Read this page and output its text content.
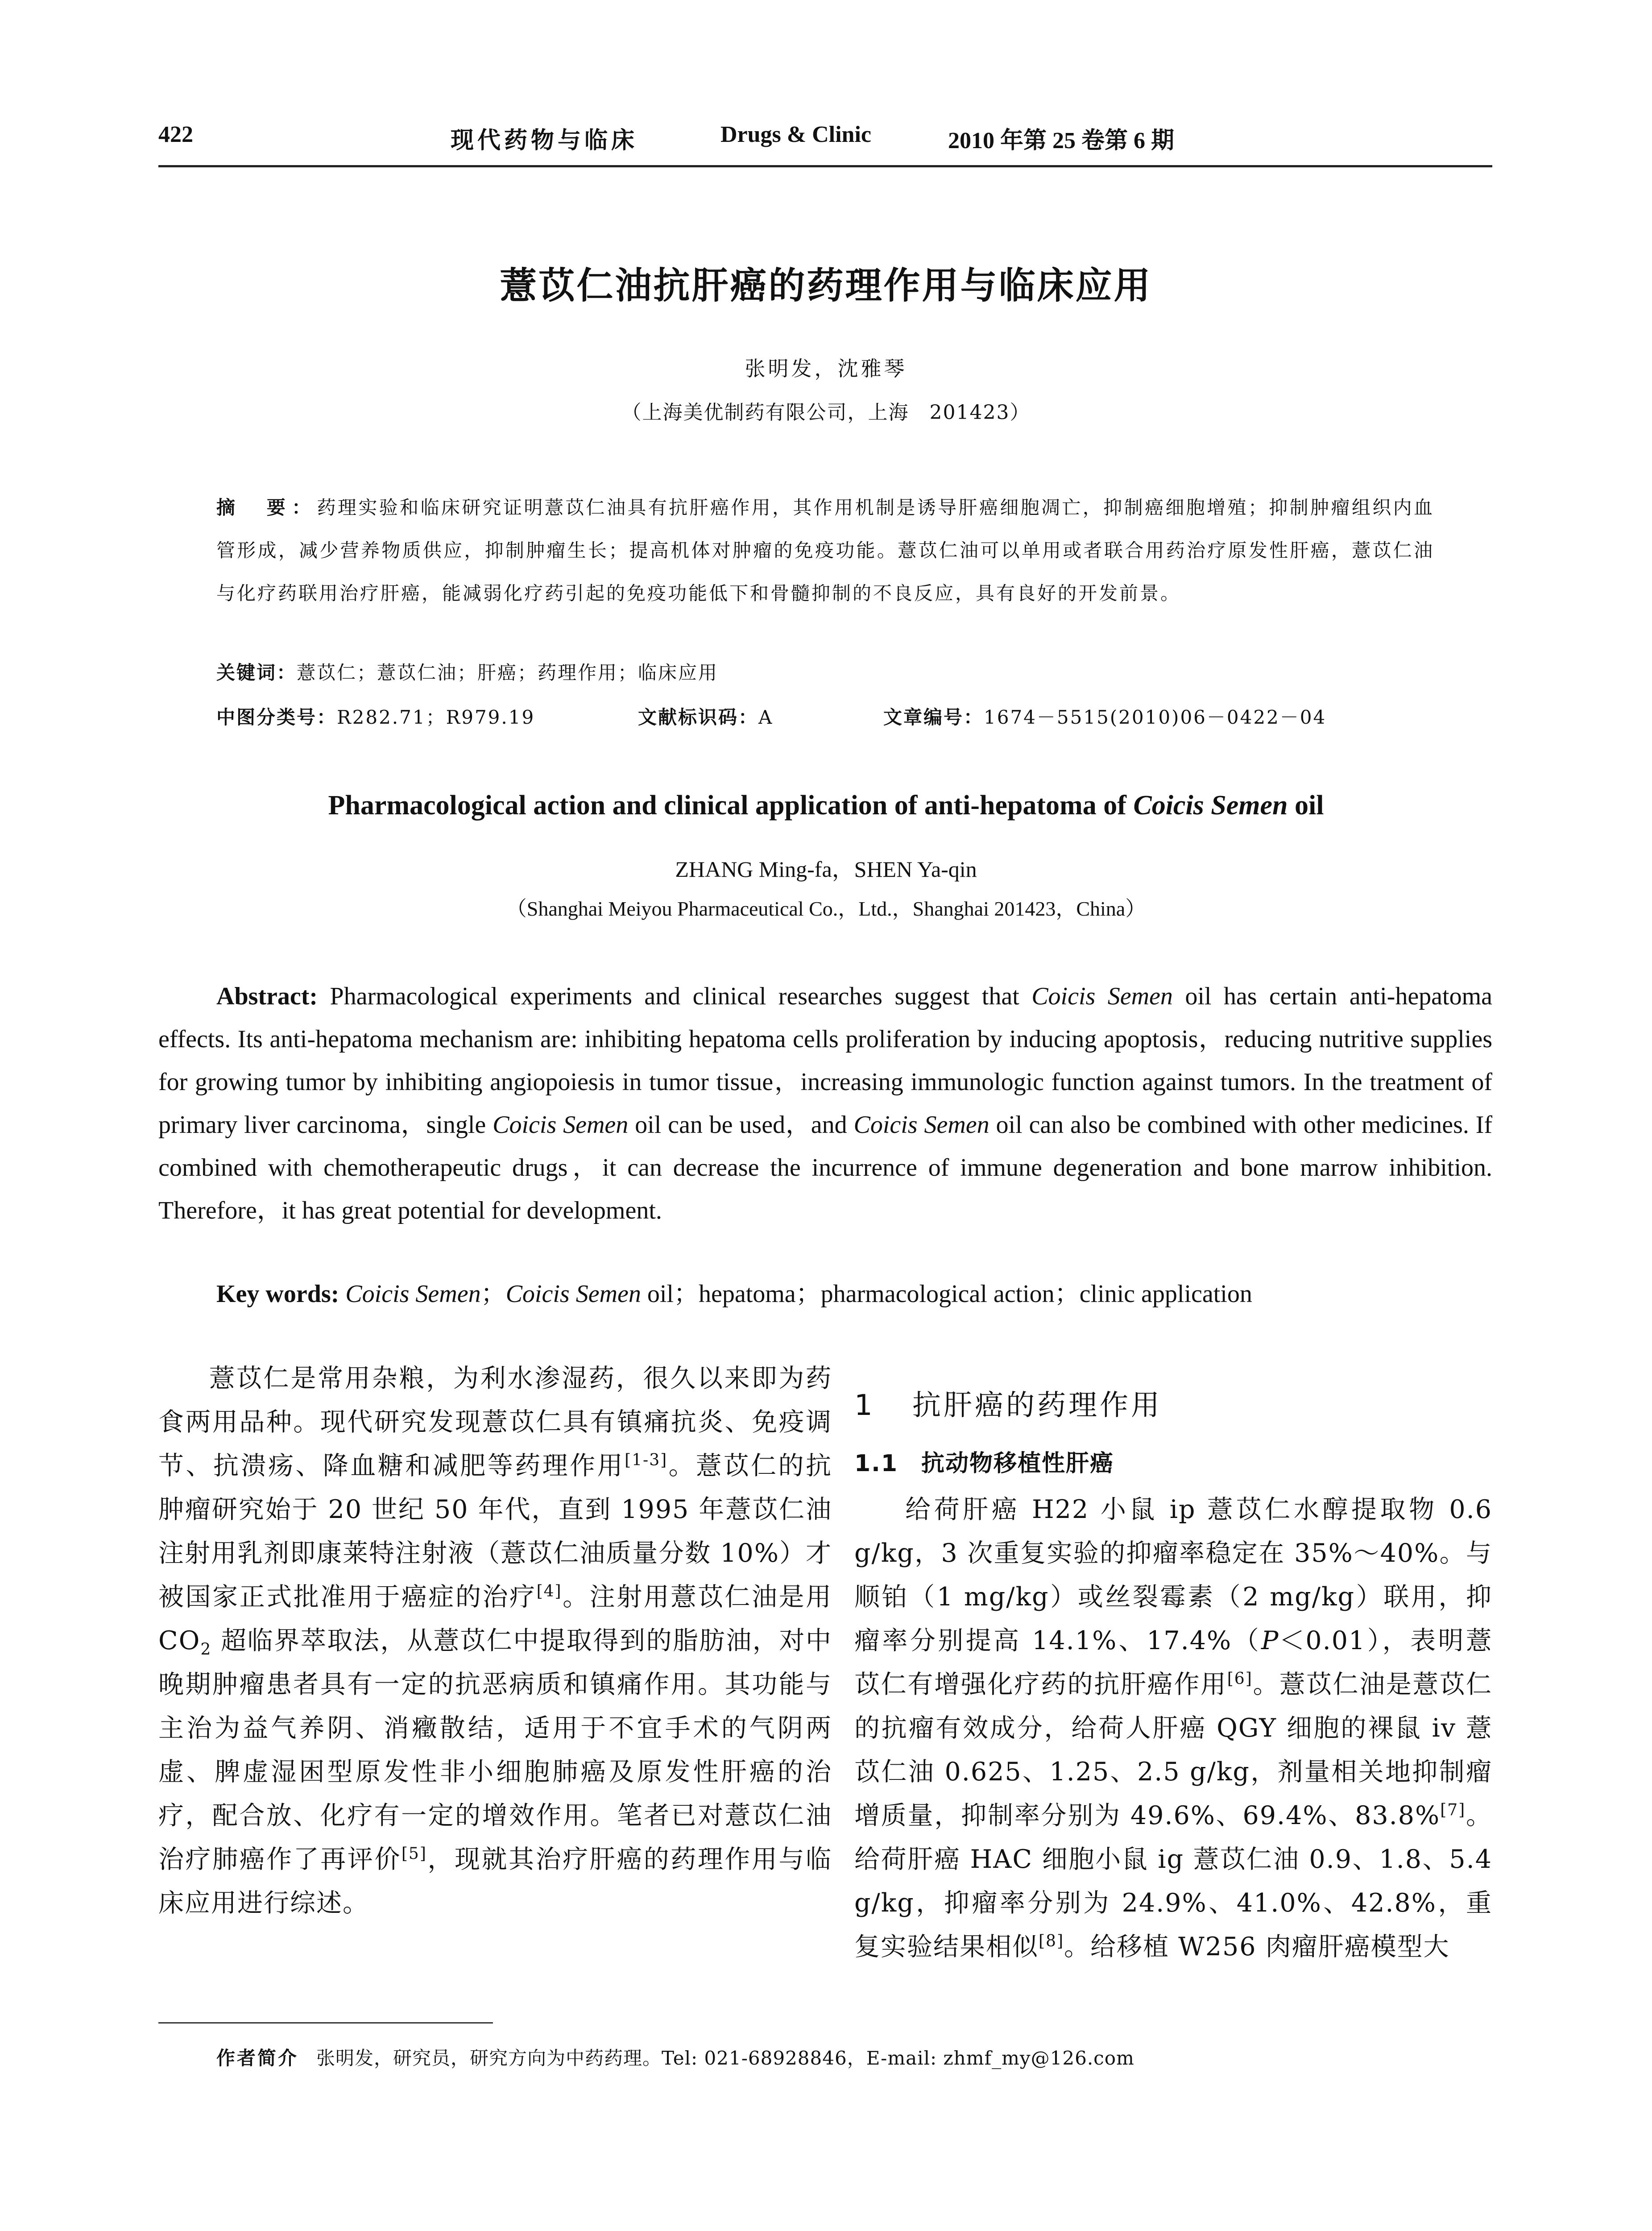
422	现代药物与临床	Drugs & Clinic	2010 年第 25 卷第 6 期
薏苡仁油抗肝癌的药理作用与临床应用
张明发，沈雅琴
（上海美优制药有限公司，上海　201423）
摘　要：药理实验和临床研究证明薏苡仁油具有抗肝癌作用，其作用机制是诱导肝癌细胞凋亡，抑制癌细胞增殖；抑制肿瘤组织内血管形成，减少营养物质供应，抑制肿瘤生长；提高机体对肿瘤的免疫功能。薏苡仁油可以单用或者联合用药治疗原发性肝癌，薏苡仁油与化疗药联用治疗肝癌，能减弱化疗药引起的免疫功能低下和骨髓抑制的不良反应，具有良好的开发前景。
关键词：薏苡仁；薏苡仁油；肝癌；药理作用；临床应用
中图分类号：R282.71；R979.19	文献标识码：A	文章编号：1674－5515(2010)06－0422－04
Pharmacological action and clinical application of anti-hepatoma of Coicis Semen oil
ZHANG Ming-fa，SHEN Ya-qin
（Shanghai Meiyou Pharmaceutical Co.，Ltd.，Shanghai 201423，China）
Abstract: Pharmacological experiments and clinical researches suggest that Coicis Semen oil has certain anti-hepatoma effects. Its anti-hepatoma mechanism are: inhibiting hepatoma cells proliferation by inducing apoptosis，reducing nutritive supplies for growing tumor by inhibiting angiopoiesis in tumor tissue，increasing immunologic function against tumors. In the treatment of primary liver carcinoma，single Coicis Semen oil can be used，and Coicis Semen oil can also be combined with other medicines. If combined with chemotherapeutic drugs，it can decrease the incurrence of immune degeneration and bone marrow inhibition. Therefore，it has great potential for development.
Key words: Coicis Semen；Coicis Semen oil；hepatoma；pharmacological action；clinic application

薏苡仁是常用杂粮，为利水渗湿药，很久以来即为药食两用品种。现代研究发现薏苡仁具有镇痛抗炎、免疫调节、抗溃疡、降血糖和减肥等药理作用[1-3]。薏苡仁的抗肿瘤研究始于 20 世纪 50 年代，直到 1995 年薏苡仁油注射用乳剂即康莱特注射液（薏苡仁油质量分数 10%）才被国家正式批准用于癌症的治疗[4]。注射用薏苡仁油是用 $CO_2$ 超临界萃取法，从薏苡仁中提取得到的脂肪油，对中晚期肿瘤患者具有一定的抗恶病质和镇痛作用。其功能与主治为益气养阴、消癥散结，适用于不宜手术的气阴两虚、脾虚湿困型原发性非小细胞肺癌及原发性肝癌的治疗，配合放、化疗有一定的增效作用。笔者已对薏苡仁油治疗肺癌作了再评价[5]，现就其治疗肝癌的药理作用与临床应用进行综述。

1 抗肝癌的药理作用
1.1 抗动物移植性肝癌

给荷肝癌 H22 小鼠 ip 薏苡仁水醇提取物 0.6 g/kg，3 次重复实验的抑瘤率稳定在 35%～40%。与顺铂（1 mg/kg）或丝裂霉素（2 mg/kg）联用，抑瘤率分别提高 14.1%、17.4%（P＜0.01），表明薏苡仁有增强化疗药的抗肝癌作用[6]。薏苡仁油是薏苡仁的抗瘤有效成分，给荷人肝癌 QGY 细胞的裸鼠 iv 薏苡仁油 0.625、1.25、2.5 g/kg，剂量相关地抑制瘤增质量，抑制率分别为 49.6%、69.4%、83.8%[7]。给荷肝癌 HAC 细胞小鼠 ig 薏苡仁油 0.9、1.8、5.4 g/kg，抑瘤率分别为 24.9%、41.0%、42.8%，重复实验结果相似[8]。给移植 W256 肉瘤肝癌模型大

作者简介 张明发，研究员，研究方向为中药药理。Tel: 021-68928846，E-mail: zhmf_my@126.com
